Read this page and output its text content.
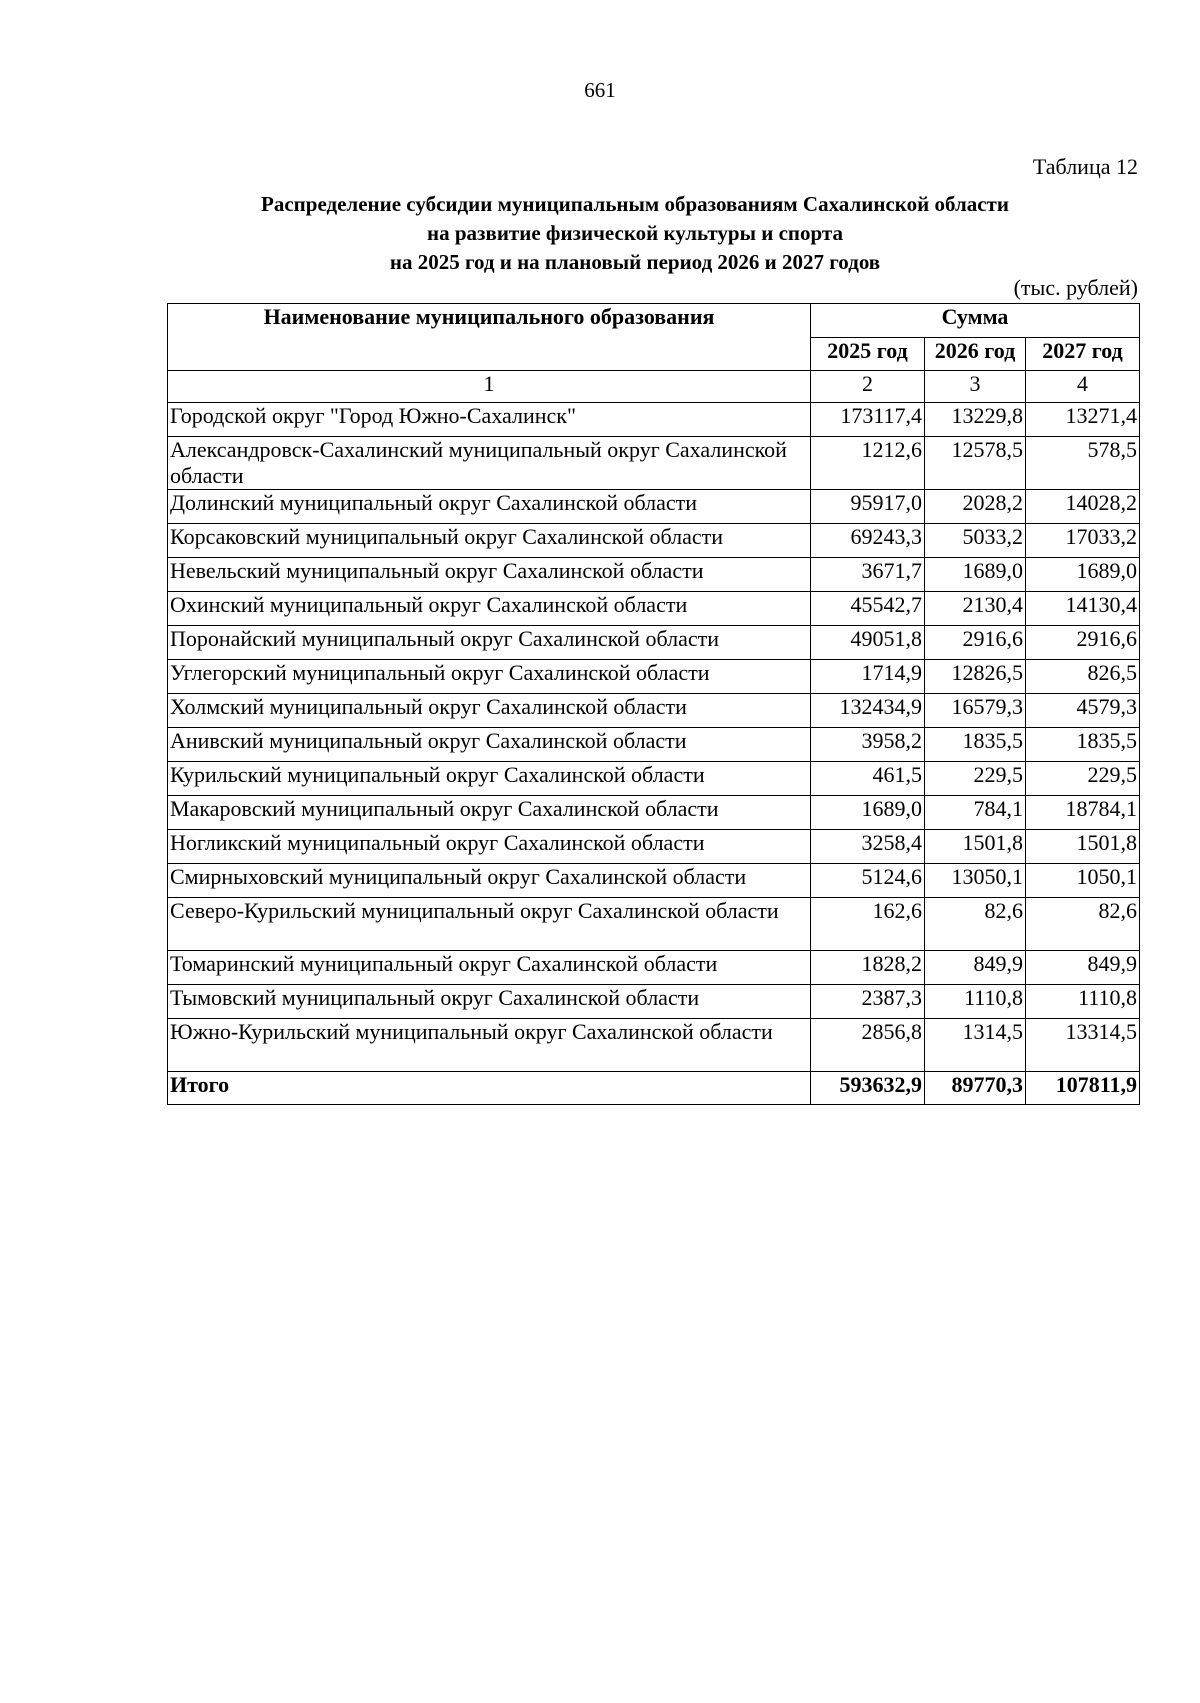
661
Таблица 12
Распределение субсидии муниципальным образованиям Сахалинской области
на развитие физической культуры и спорта
на 2025 год и на плановый период 2026 и 2027 годов
(тыс. рублей)
Наименование муниципального образования	Сумма		
	2025 год	2026 год	2027 год
1	2	3	4
Городской округ "Город Южно-Сахалинск"	173117,4	13229,8	13271,4
Александровск-Сахалинский муниципальный округ Сахалинской области	1212,6	12578,5	578,5
Долинский муниципальный округ Сахалинской области	95917,0	2028,2	14028,2
Корсаковский муниципальный округ Сахалинской области	69243,3	5033,2	17033,2
Невельский муниципальный округ Сахалинской области	3671,7	1689,0	1689,0
Охинский муниципальный округ Сахалинской области	45542,7	2130,4	14130,4
Поронайский муниципальный округ Сахалинской области	49051,8	2916,6	2916,6
Углегорский муниципальный округ Сахалинской области	1714,9	12826,5	826,5
Холмский муниципальный округ Сахалинской области	132434,9	16579,3	4579,3
Анивский муниципальный округ Сахалинской области	3958,2	1835,5	1835,5
Курильский муниципальный округ Сахалинской области	461,5	229,5	229,5
Макаровский муниципальный округ Сахалинской области	1689,0	784,1	18784,1
Ногликский муниципальный округ Сахалинской области	3258,4	1501,8	1501,8
Смирныховский муниципальный округ Сахалинской области	5124,6	13050,1	1050,1
Северо-Курильский муниципальный округ Сахалинской области	162,6	82,6	82,6
Томаринский муниципальный округ Сахалинской области	1828,2	849,9	849,9
Тымовский муниципальный округ Сахалинской области	2387,3	1110,8	1110,8
Южно-Курильский муниципальный округ Сахалинской области	2856,8	1314,5	13314,5
Итого	593632,9	89770,3	107811,9
